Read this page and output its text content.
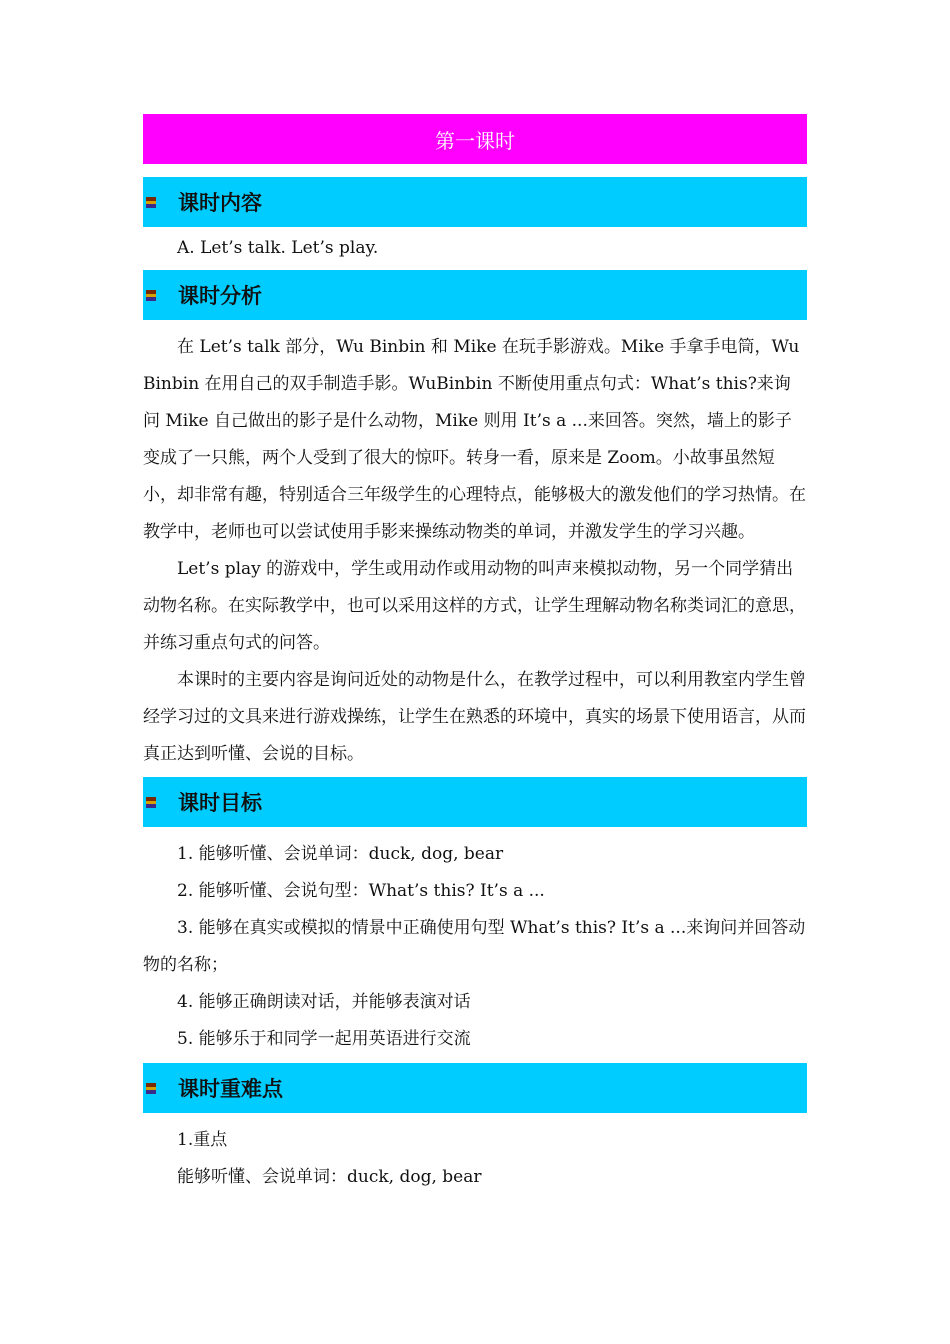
第一课时
课时内容

A. Let’s talk. Let’s play.

课时分析

在 Let’s talk 部分，Wu Binbin 和 Mike 在玩手影游戏。Mike 手拿手电筒，Wu Binbin 在用自己的双手制造手影。WuBinbin 不断使用重点句式：What’s this?来询问 Mike 自己做出的影子是什么动物，Mike 则用 It’s a ...来回答。突然，墙上的影子变成了一只熊，两个人受到了很大的惊吓。转身一看，原来是 Zoom。小故事虽然短小，却非常有趣，特别适合三年级学生的心理特点，能够极大的激发他们的学习热情。在教学中，老师也可以尝试使用手影来操练动物类的单词，并激发学生的学习兴趣。

Let’s play 的游戏中，学生或用动作或用动物的叫声来模拟动物，另一个同学猜出动物名称。在实际教学中，也可以采用这样的方式，让学生理解动物名称类词汇的意思，并练习重点句式的问答。

本课时的主要内容是询问近处的动物是什么，在教学过程中，可以利用教室内学生曾经学习过的文具来进行游戏操练，让学生在熟悉的环境中，真实的场景下使用语言，从而真正达到听懂、会说的目标。

课时目标

1. 能够听懂、会说单词：duck, dog, bear

2. 能够听懂、会说句型：What’s this? It’s a ...

3. 能够在真实或模拟的情景中正确使用句型 What’s this? It’s a ...来询问并回答动物的名称；

4. 能够正确朗读对话，并能够表演对话

5. 能够乐于和同学一起用英语进行交流

课时重难点

1.重点

能够听懂、会说单词：duck, dog, bear
